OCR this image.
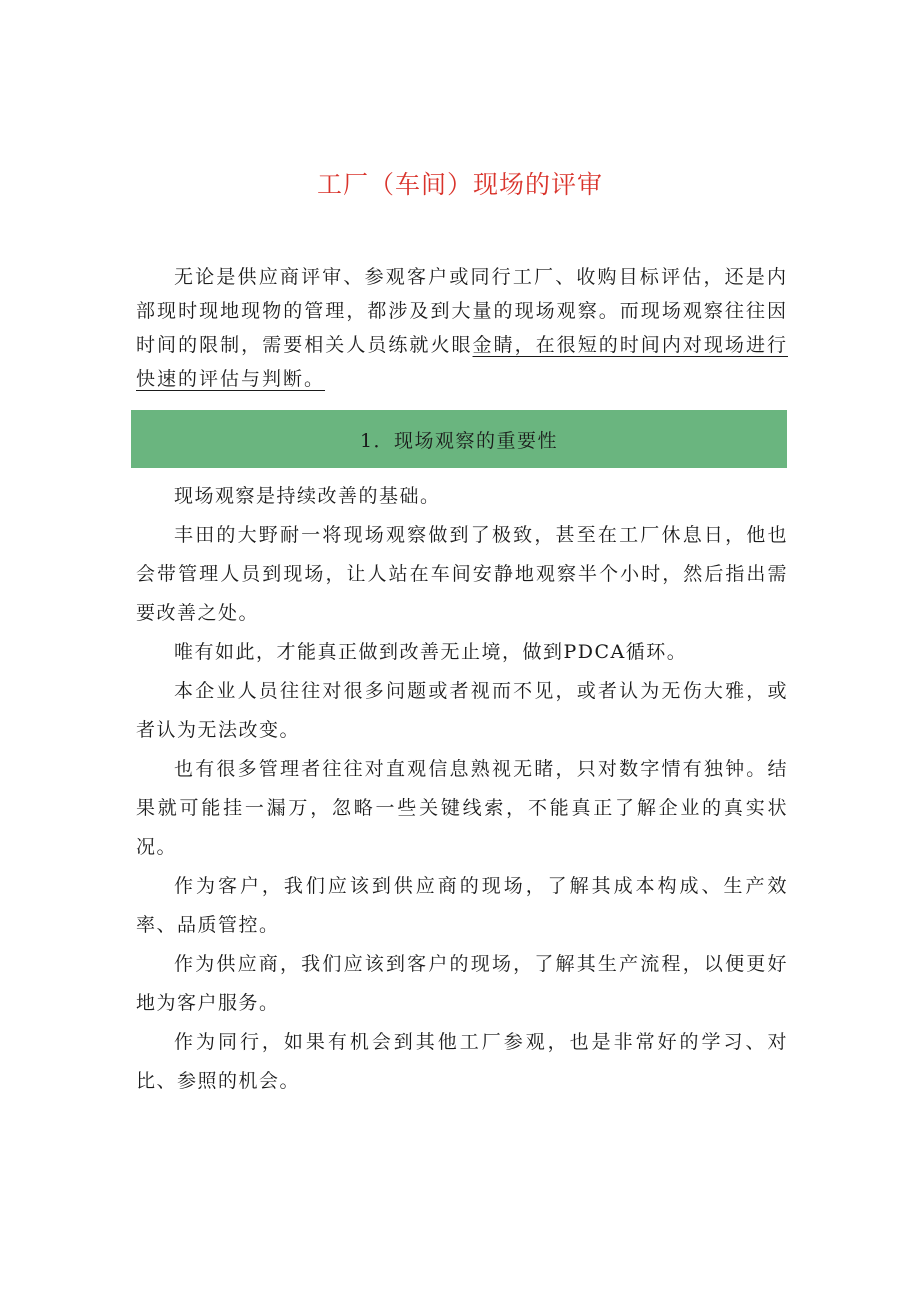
工厂（车间）现场的评审

无论是供应商评审、参观客户或同行工厂、收购目标评估，还是内部现时现地现物的管理，都涉及到大量的现场观察。而现场观察往往因时间的限制，需要相关人员练就火眼金睛，在很短的时间内对现场进行快速的评估与判断。

1．现场观察的重要性

现场观察是持续改善的基础。

丰田的大野耐一将现场观察做到了极致，甚至在工厂休息日，他也会带管理人员到现场，让人站在车间安静地观察半个小时，然后指出需要改善之处。

唯有如此，才能真正做到改善无止境，做到PDCA循环。

本企业人员往往对很多问题或者视而不见，或者认为无伤大雅，或者认为无法改变。

也有很多管理者往往对直观信息熟视无睹，只对数字情有独钟。结果就可能挂一漏万，忽略一些关键线索，不能真正了解企业的真实状况。

作为客户，我们应该到供应商的现场，了解其成本构成、生产效率、品质管控。

作为供应商，我们应该到客户的现场，了解其生产流程，以便更好地为客户服务。

作为同行，如果有机会到其他工厂参观，也是非常好的学习、对比、参照的机会。
